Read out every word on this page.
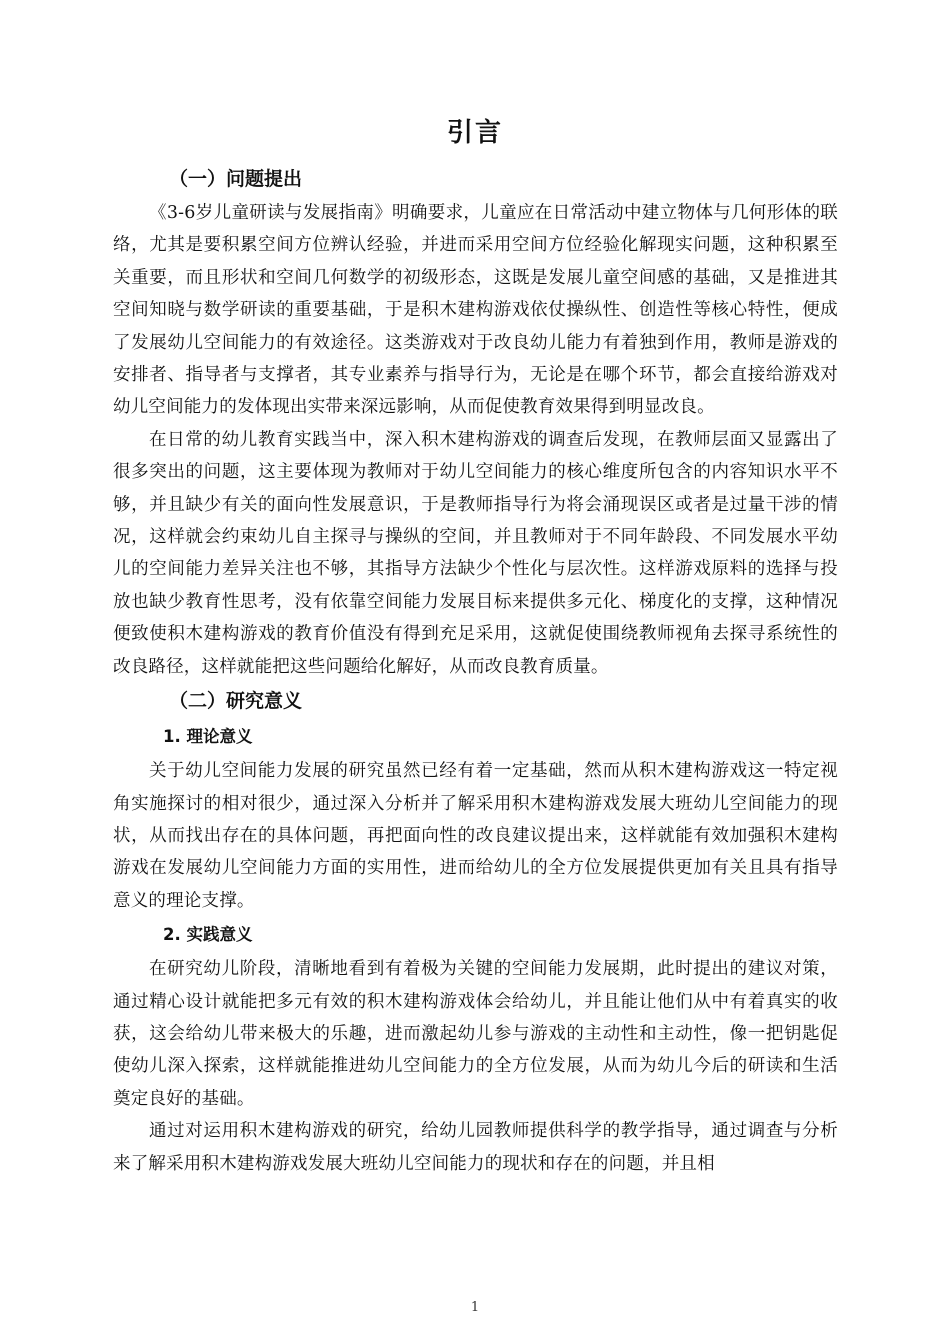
引言
（一）问题提出

《3-6岁儿童研读与发展指南》明确要求，儿童应在日常活动中建立物体与几何形体的联络，尤其是要积累空间方位辨认经验，并进而采用空间方位经验化解现实问题，这种积累至关重要，而且形状和空间几何数学的初级形态，这既是发展儿童空间感的基础，又是推进其空间知晓与数学研读的重要基础，于是积木建构游戏依仗操纵性、创造性等核心特性，便成了发展幼儿空间能力的有效途径。这类游戏对于改良幼儿能力有着独到作用，教师是游戏的安排者、指导者与支撑者，其专业素养与指导行为，无论是在哪个环节，都会直接给游戏对幼儿空间能力的发体现出实带来深远影响，从而促使教育效果得到明显改良。

在日常的幼儿教育实践当中，深入积木建构游戏的调查后发现，在教师层面又显露出了很多突出的问题，这主要体现为教师对于幼儿空间能力的核心维度所包含的内容知识水平不够，并且缺少有关的面向性发展意识，于是教师指导行为将会涌现误区或者是过量干涉的情况，这样就会约束幼儿自主探寻与操纵的空间，并且教师对于不同年龄段、不同发展水平幼儿的空间能力差异关注也不够，其指导方法缺少个性化与层次性。这样游戏原料的选择与投放也缺少教育性思考，没有依靠空间能力发展目标来提供多元化、梯度化的支撑，这种情况便致使积木建构游戏的教育价值没有得到充足采用，这就促使围绕教师视角去探寻系统性的改良路径，这样就能把这些问题给化解好，从而改良教育质量。

（二）研究意义
1. 理论意义

关于幼儿空间能力发展的研究虽然已经有着一定基础，然而从积木建构游戏这一特定视角实施探讨的相对很少，通过深入分析并了解采用积木建构游戏发展大班幼儿空间能力的现状，从而找出存在的具体问题，再把面向性的改良建议提出来，这样就能有效加强积木建构游戏在发展幼儿空间能力方面的实用性，进而给幼儿的全方位发展提供更加有关且具有指导意义的理论支撑。

2. 实践意义

在研究幼儿阶段，清晰地看到有着极为关键的空间能力发展期，此时提出的建议对策，通过精心设计就能把多元有效的积木建构游戏体会给幼儿，并且能让他们从中有着真实的收获，这会给幼儿带来极大的乐趣，进而激起幼儿参与游戏的主动性和主动性，像一把钥匙促使幼儿深入探索，这样就能推进幼儿空间能力的全方位发展，从而为幼儿今后的研读和生活奠定良好的基础。

通过对运用积木建构游戏的研究，给幼儿园教师提供科学的教学指导，通过调查与分析来了解采用积木建构游戏发展大班幼儿空间能力的现状和存在的问题，并且相

1
